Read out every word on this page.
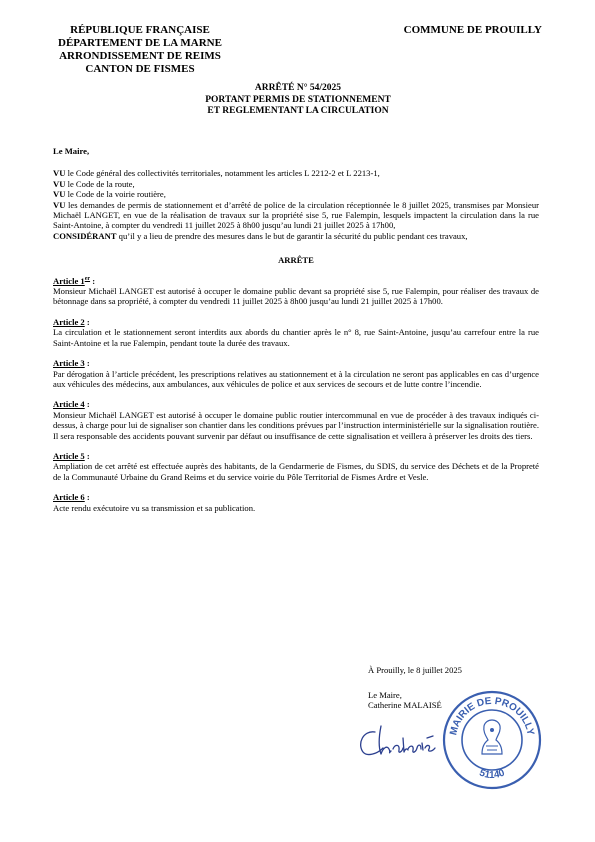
RÉPUBLIQUE FRANÇAISE
DÉPARTEMENT DE LA MARNE
ARRONDISSEMENT DE REIMS
CANTON DE FISMES
COMMUNE DE PROUILLY
ARRÊTÉ N° 54/2025
PORTANT PERMIS DE STATIONNEMENT
ET REGLEMENTANT LA CIRCULATION

Le Maire,

VU le Code général des collectivités territoriales, notamment les articles L 2212-2 et L 2213-1,

VU le Code de la route,

VU le Code de la voirie routière,

VU les demandes de permis de stationnement et d’arrêté de police de la circulation réceptionnée le 8 juillet 2025, transmises par Monsieur Michaël LANGET, en vue de la réalisation de travaux sur la propriété sise 5, rue Falempin, lesquels impactent la circulation dans la rue Saint-Antoine, à compter du vendredi 11 juillet 2025 à 8h00 jusqu’au lundi 21 juillet 2025 à 17h00,

CONSIDÉRANT qu’il y a lieu de prendre des mesures dans le but de garantir la sécurité du public pendant ces travaux,

ARRÊTE

Article 1er :

Monsieur Michaël LANGET est autorisé à occuper le domaine public devant sa propriété sise 5, rue Falempin, pour réaliser des travaux de bétonnage dans sa propriété, à compter du vendredi 11 juillet 2025 à 8h00 jusqu’au lundi 21 juillet 2025 à 17h00.

Article 2 :

La circulation et le stationnement seront interdits aux abords du chantier après le n° 8, rue Saint-Antoine, jusqu’au carrefour entre la rue Saint-Antoine et la rue Falempin, pendant toute la durée des travaux.

Article 3 :

Par dérogation à l’article précédent, les prescriptions relatives au stationnement et à la circulation ne seront pas applicables en cas d’urgence aux véhicules des médecins, aux ambulances, aux véhicules de police et aux services de secours et de lutte contre l’incendie.

Article 4 :

Monsieur Michaël LANGET est autorisé à occuper le domaine public routier intercommunal en vue de procéder à des travaux indiqués ci-dessus, à charge pour lui de signaliser son chantier dans les conditions prévues par l’instruction interministérielle sur la signalisation routière.

Il sera responsable des accidents pouvant survenir par défaut ou insuffisance de cette signalisation et veillera à préserver les droits des tiers.

Article 5 :

Ampliation de cet arrêté est effectuée auprès des habitants, de la Gendarmerie de Fismes, du SDIS, du service des Déchets et de la Propreté de la Communauté Urbaine du Grand Reims et du service voirie du Pôle Territorial de Fismes Ardre et Vesle.

Article 6 :

Acte rendu exécutoire vu sa transmission et sa publication.

À Prouilly, le 8 juillet 2025
Le Maire,
Catherine MALAISÉ
MAIRIE DE PROUILLY
51140
